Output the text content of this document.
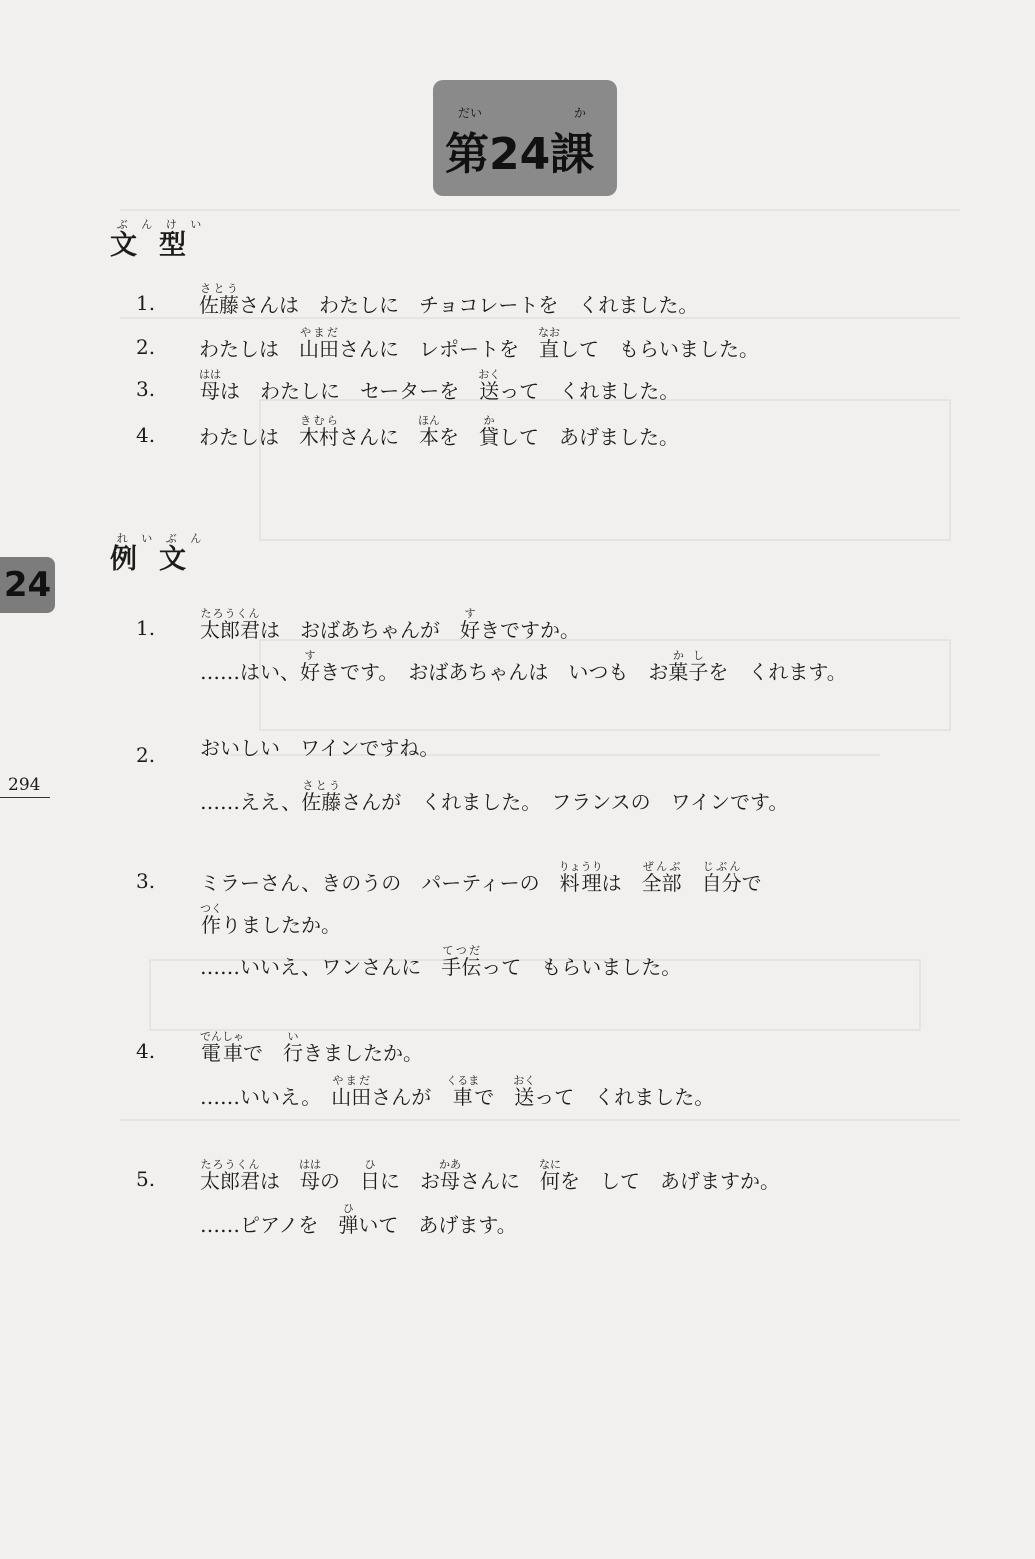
だい	か
第24課
文ぶん型けい
1. 佐藤さとうさんは　わたしに　チョコレートを　くれました。
2. わたしは　山田やまださんに　レポートを　直なおして　もらいました。
3. 母ははは　わたしに　セーターを　送おくって　くれました。
4. わたしは　木村きむらさんに　本ほんを　貸かして　あげました。
例れい文ぶん
1. 太郎君たろうくんは　おばあちゃんが　好すきですか。
……はい、好すきです。　おばあちゃんは　いつも　お菓子かしを　くれます。
2. おいしい　ワインですね。
……ええ、佐藤さとうさんが　くれました。　フランスの　ワインです。
3. ミラーさん、きのうの　パーティーの　料理りょうりは　全部ぜんぶ　自分じぶんで
作つくりましたか。
……いいえ、ワンさんに　手伝てつだって　もらいました。
4. 電車でんしゃで　行いきましたか。
……いいえ。　山田やまださんが　車くるまで　送おくって　くれました。
5. 太郎君たろうくんは　母ははの　日ひに　お母かあさんに　何なにを　して　あげますか。
……ピアノを　弾ひいて　あげます。
24
294
